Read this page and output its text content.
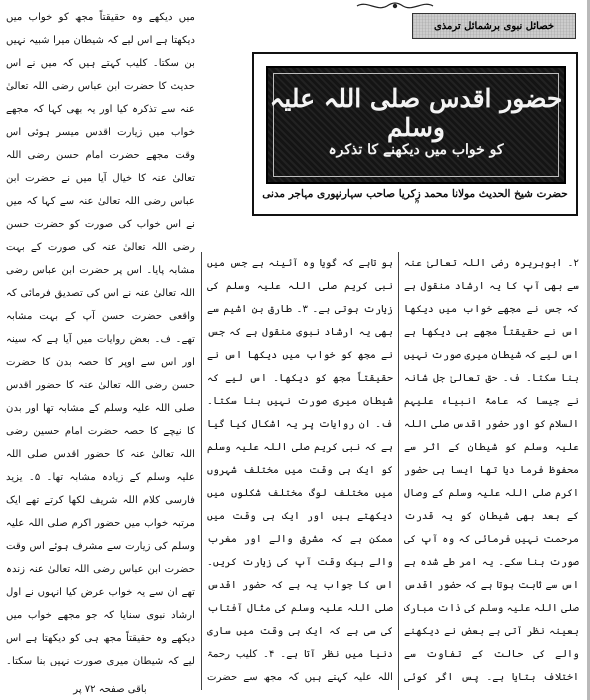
خصائل نبوی برشمائل ترمذی
حضور اقدس صلی اللہ علیہ وسلم
کو خواب میں دیکھنے کا تذکرہ
حضرت شیخ الحدیث مولانا محمد زکریا صاحب سہارنپوری مہاجر مدنی

۲۔ ابوہریرہ رضی اللہ تعالیٰ عنہ سے بھی آپ کا یہ ارشاد منقول ہے کہ جس نے مجھے خواب میں دیکھا اس نے حقیقتاً مجھے ہی دیکھا ہے اس لیے کہ شیطان میری صورت نہیں بنا سکتا۔ ف۔ حق تعالیٰ جل شانہ نے جیسا کہ عامۃً انبیاء علیہم السلام کو اور حضور اقدس صلی اللہ علیہ وسلم کو شیطان کے اثر سے محفوظ فرما دیا تھا ایسا ہی حضور اکرم صلی اللہ علیہ وسلم کے وصال کے بعد بھی شیطان کو یہ قدرت مرحمت نہیں فرمائی کہ وہ آپ کی صورت بنا سکے۔ یہ امر طے شدہ ہے اس سے ثابت ہوتا ہے کہ حضور اقدس صلی اللہ علیہ وسلم کی ذات مبارک بعینہ نظر آتی ہے بعض نے دیکھنے والے کی حالت کے تفاوت سے اختلاف بتایا ہے۔ پس اگر کوئی

ہو تاہے کہ گویا وہ آئینہ ہے جس میں نبی کریم صلی اللہ علیہ وسلم کی زیارت ہوتی ہے۔ ۳۔ طارق بن اشیم سے بھی یہ ارشاد نبوی منقول ہے کہ جس نے مجھ کو خواب میں دیکھا اس نے حقیقتاً مجھ کو دیکھا۔ اس لیے کہ شیطان میری صورت نہیں بنا سکتا۔ ف۔ ان روایات پر یہ اشکال کیا گیا ہے کہ نبی کریم صلی اللہ علیہ وسلم کو ایک ہی وقت میں مختلف شہروں میں مختلف لوگ مختلف شکلوں میں دیکھتے ہیں اور ایک ہی وقت میں ممکن ہے کہ مشرق والے اور مغرب والے بیک وقت آپ کی زیارت کریں۔ اس کا جواب یہ ہے کہ حضور اقدس صلی اللہ علیہ وسلم کی مثال آفتاب کی سی ہے کہ ایک ہی وقت میں ساری دنیا میں نظر آتا ہے۔ ۴۔ کلیب رحمۃ اللہ علیہ کہتے ہیں کہ مجھ سے حضرت

میں دیکھے وہ حقیقتاً مجھ کو خواب میں دیکھتا ہے اس لیے کہ شیطان میرا شبیہ نہیں بن سکتا۔ کلیب کہتے ہیں کہ میں نے اس حدیث کا حضرت ابن عباس رضی اللہ تعالیٰ عنہ سے تذکرہ کیا اور یہ بھی کہا کہ مجھے خواب میں زیارت اقدس میسر ہوئی اس وقت مجھے حضرت امام حسن رضی اللہ تعالیٰ عنہ کا خیال آیا میں نے حضرت ابن عباس رضی اللہ تعالیٰ عنہ سے کہا کہ میں نے اس خواب کی صورت کو حضرت حسن رضی اللہ تعالیٰ عنہ کی صورت کے بہت مشابہ پایا۔ اس پر حضرت ابن عباس رضی اللہ تعالیٰ عنہ نے اس کی تصدیق فرمائی کہ واقعی حضرت حسن آپ کے بہت مشابہ تھے۔ ف۔ بعض روایات میں آیا ہے کہ سینہ اور اس سے اوپر کا حصہ بدن کا حضرت حسن رضی اللہ تعالیٰ عنہ کا حضور اقدس صلی اللہ علیہ وسلم کے مشابہ تھا اور بدن کا نیچے کا حصہ حضرت امام حسین رضی اللہ تعالیٰ عنہ کا حضور اقدس صلی اللہ علیہ وسلم کے زیادہ مشابہ تھا۔ ۵۔ یزید فارسی کلام اللہ شریف لکھا کرتے تھے ایک مرتبہ خواب میں حضور اکرم صلی اللہ علیہ وسلم کی زیارت سے مشرف ہوئے اس وقت حضرت ابن عباس رضی اللہ تعالیٰ عنہ زندہ تھے ان سے یہ خواب عرض کیا انہوں نے اول ارشاد نبوی سنایا کہ جو مجھے خواب میں دیکھے وہ حقیقتاً مجھ ہی کو دیکھتا ہے اس لیے کہ شیطان میری صورت نہیں بنا سکتا۔

باقی صفحہ ۷۲ پر
